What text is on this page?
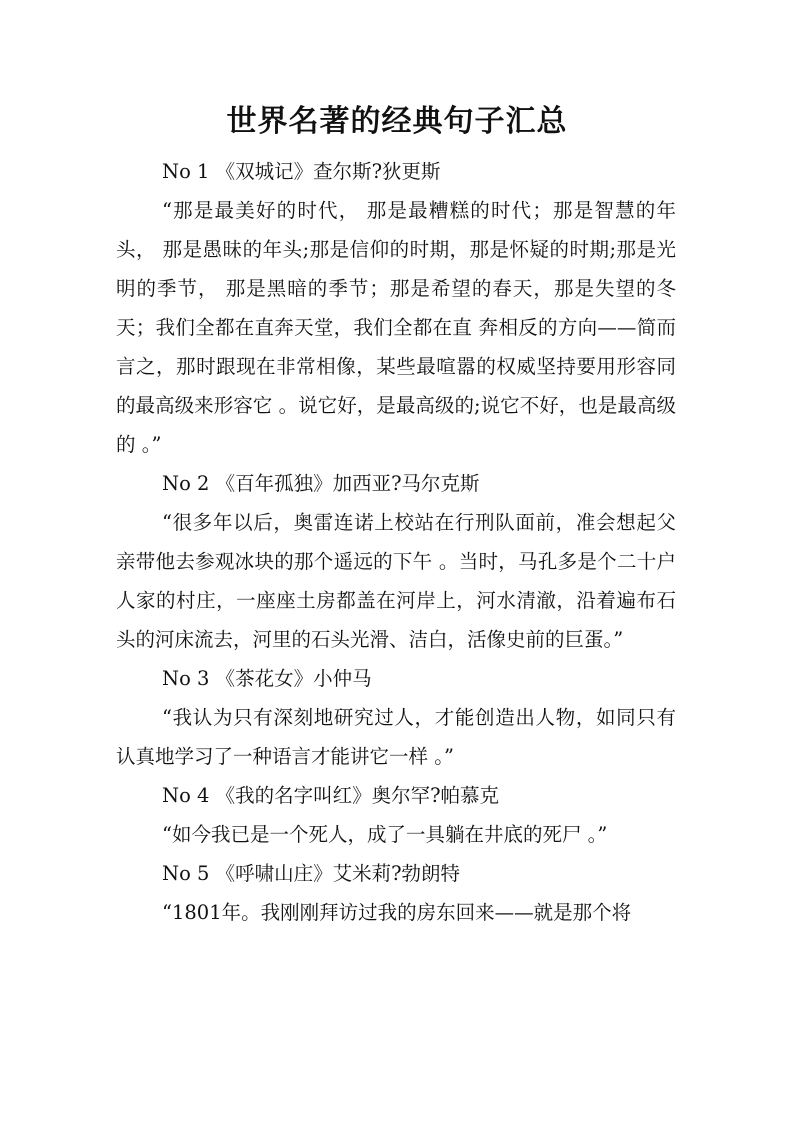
世界名著的经典句子汇总

No 1 《双城记》查尔斯?狄更斯

“那是最美好的时代， 那是最糟糕的时代；那是智慧的年头， 那是愚昧的年头;那是信仰的时期，那是怀疑的时期;那是光明的季节， 那是黑暗的季节；那是希望的春天，那是失望的冬天；我们全都在直奔天堂，我们全都在直 奔相反的方向——简而言之，那时跟现在非常相像，某些最喧嚣的权威坚持要用形容同的最高级来形容它 。说它好，是最高级的;说它不好，也是最高级的 。”

No 2 《百年孤独》加西亚?马尔克斯

“很多年以后，奥雷连诺上校站在行刑队面前，准会想起父亲带他去参观冰块的那个遥远的下午 。当时，马孔多是个二十户人家的村庄，一座座土房都盖在河岸上，河水清澈，沿着遍布石头的河床流去，河里的石头光滑、洁白，活像史前的巨蛋。”

No 3 《茶花女》小仲马

“我认为只有深刻地研究过人，才能创造出人物，如同只有认真地学习了一种语言才能讲它一样 。”

No 4 《我的名字叫红》奥尔罕?帕慕克

“如今我已是一个死人，成了一具躺在井底的死尸 。”

No 5 《呼啸山庄》艾米莉?勃朗特

“1801年。我刚刚拜访过我的房东回来——就是那个将
